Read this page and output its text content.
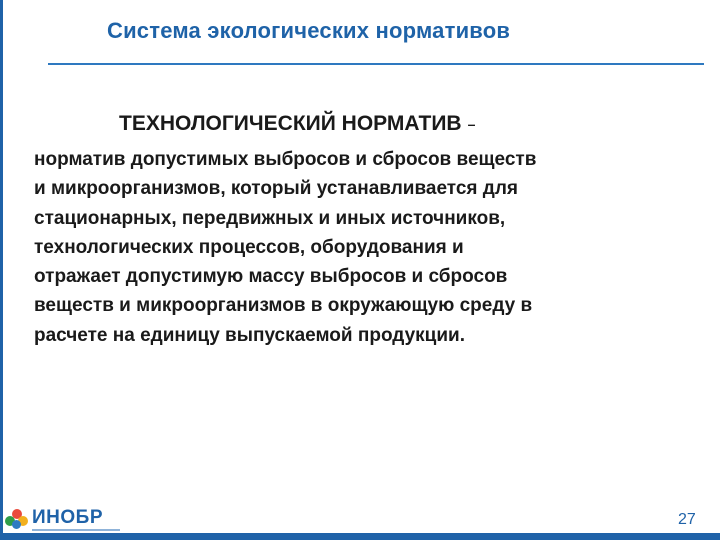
Система экологических нормативов
ТЕХНОЛОГИЧЕСКИЙ НОРМАТИВ –
норматив допустимых выбросов и сбросов веществ
и микроорганизмов, который устанавливается для
стационарных, передвижных и иных источников,
технологических процессов, оборудования и
отражает допустимую массу выбросов и сбросов
веществ и микроорганизмов в окружающую среду в
расчете на единицу выпускаемой продукции.
ИНОБР	27
